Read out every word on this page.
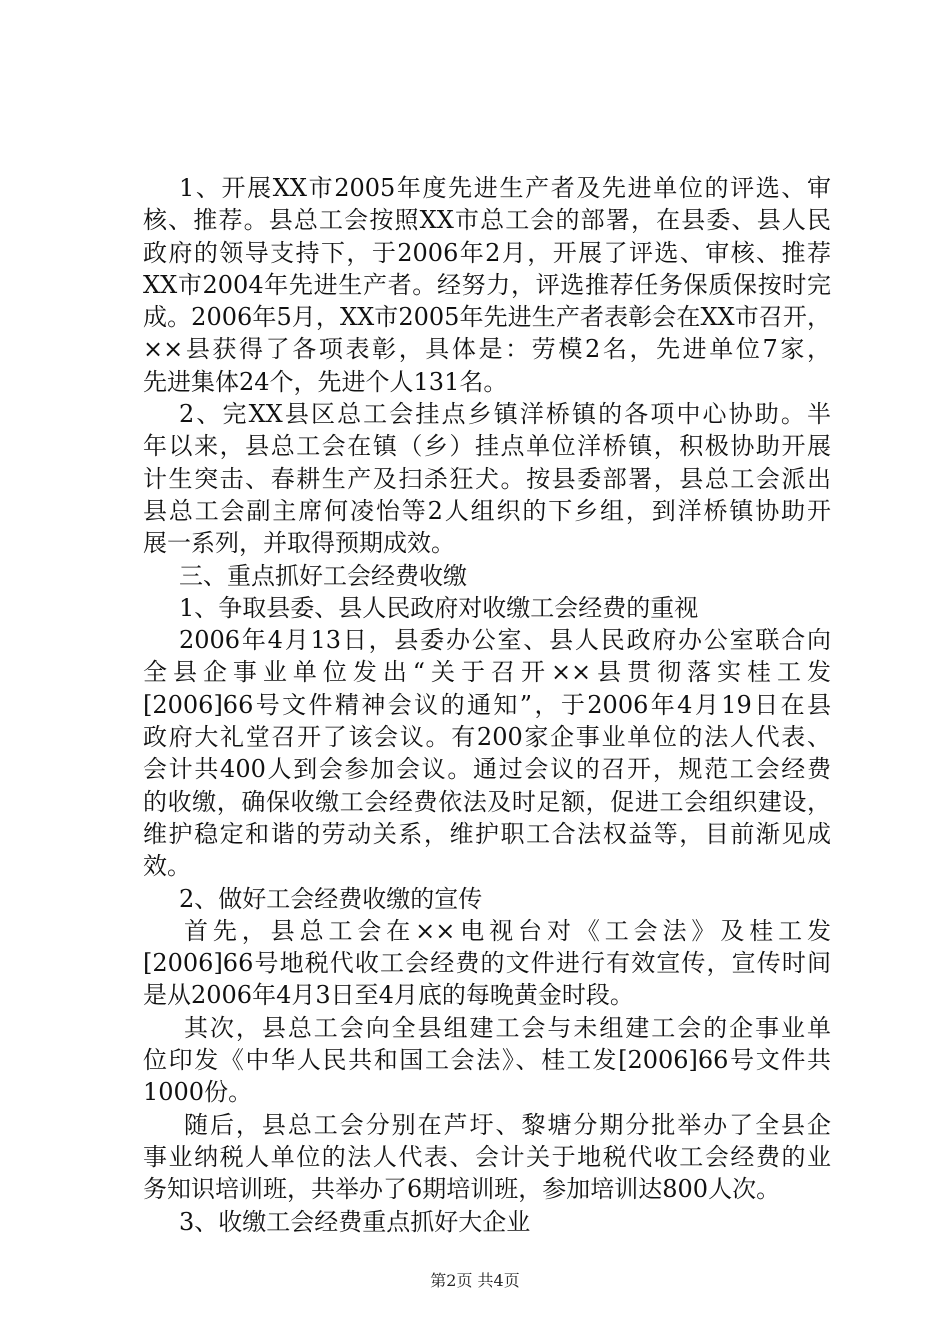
1、开展XX市2005年度先进生产者及先进单位的评选、审
核、推荐。县总工会按照XX市总工会的部署，在县委、县人民
政府的领导支持下，于2006年2月，开展了评选、审核、推荐
XX市2004年先进生产者。经努力，评选推荐任务保质保按时完
成。2006年5月，XX市2005年先进生产者表彰会在XX市召开，
××县获得了各项表彰，具体是：劳模2名，先进单位7家，
先进集体24个，先进个人131名。
2、完XX县区总工会挂点乡镇洋桥镇的各项中心协助。半
年以来，县总工会在镇（乡）挂点单位洋桥镇，积极协助开展
计生突击、春耕生产及扫杀狂犬。按县委部署，县总工会派出
县总工会副主席何凌怡等2人组织的下乡组，到洋桥镇协助开
展一系列，并取得预期成效。
三、重点抓好工会经费收缴
1、争取县委、县人民政府对收缴工会经费的重视
2006年4月13日，县委办公室、县人民政府办公室联合向
全县企事业单位发出“关于召开××县贯彻落实桂工发
[2006]66号文件精神会议的通知”，于2006年4月19日在县
政府大礼堂召开了该会议。有200家企事业单位的法人代表、
会计共400人到会参加会议。通过会议的召开，规范工会经费
的收缴，确保收缴工会经费依法及时足额，促进工会组织建设，
维护稳定和谐的劳动关系，维护职工合法权益等，目前渐见成
效。
2、做好工会经费收缴的宣传
首先，县总工会在××电视台对《工会法》及桂工发
[2006]66号地税代收工会经费的文件进行有效宣传，宣传时间
是从2006年4月3日至4月底的每晚黄金时段。
其次，县总工会向全县组建工会与未组建工会的企事业单
位印发《中华人民共和国工会法》、桂工发[2006]66号文件共
1000份。
随后，县总工会分别在芦圩、黎塘分期分批举办了全县企
事业纳税人单位的法人代表、会计关于地税代收工会经费的业
务知识培训班，共举办了6期培训班，参加培训达800人次。
3、收缴工会经费重点抓好大企业
第2页 共4页
